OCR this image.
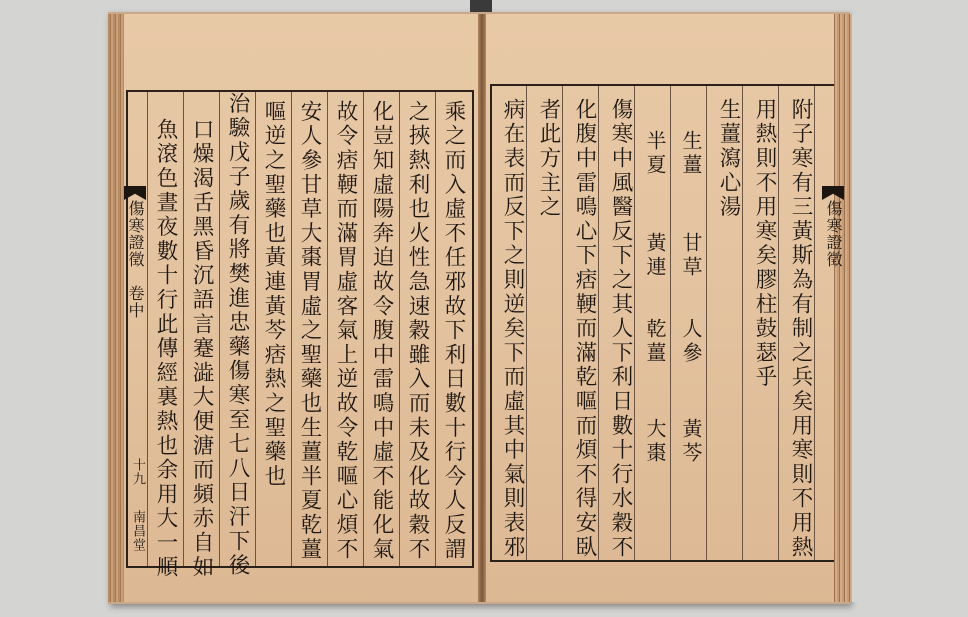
乘之而入虛不任邪故下利日數十行今人反謂
之挾熱利也火性急速穀雖入而未及化故穀不
化豈知虛陽奔迫故令腹中雷鳴中虛不能化氣
故令痞鞕而滿胃虛客氣上逆故令乾嘔心煩不
安人參甘草大棗胃虛之聖藥也生薑半夏乾薑
嘔逆之聖藥也黃連黃芩痞熱之聖藥也
治驗戊子歲有將樊進忠藥傷寒至七八日汗下後
口燥渴舌黑昏沉語言蹇澁大便溏而頻赤自如
魚滾色晝夜數十行此傳經裏熱也余用大一順
傷寒證徵
卷中
十九
南昌堂	附子寒有三黃斯為有制之兵矣用寒則不用熱
用熱則不用寒矣膠柱鼓瑟乎
生薑瀉心湯
生薑
甘草
人參
黃芩
半夏
黃連
乾薑
大棗
傷寒中風醫反下之其人下利日數十行水穀不
化腹中雷鳴心下痞鞕而滿乾嘔而煩不得安臥
者此方主之
病在表而反下之則逆矣下而虛其中氣則表邪	傷寒證徵
